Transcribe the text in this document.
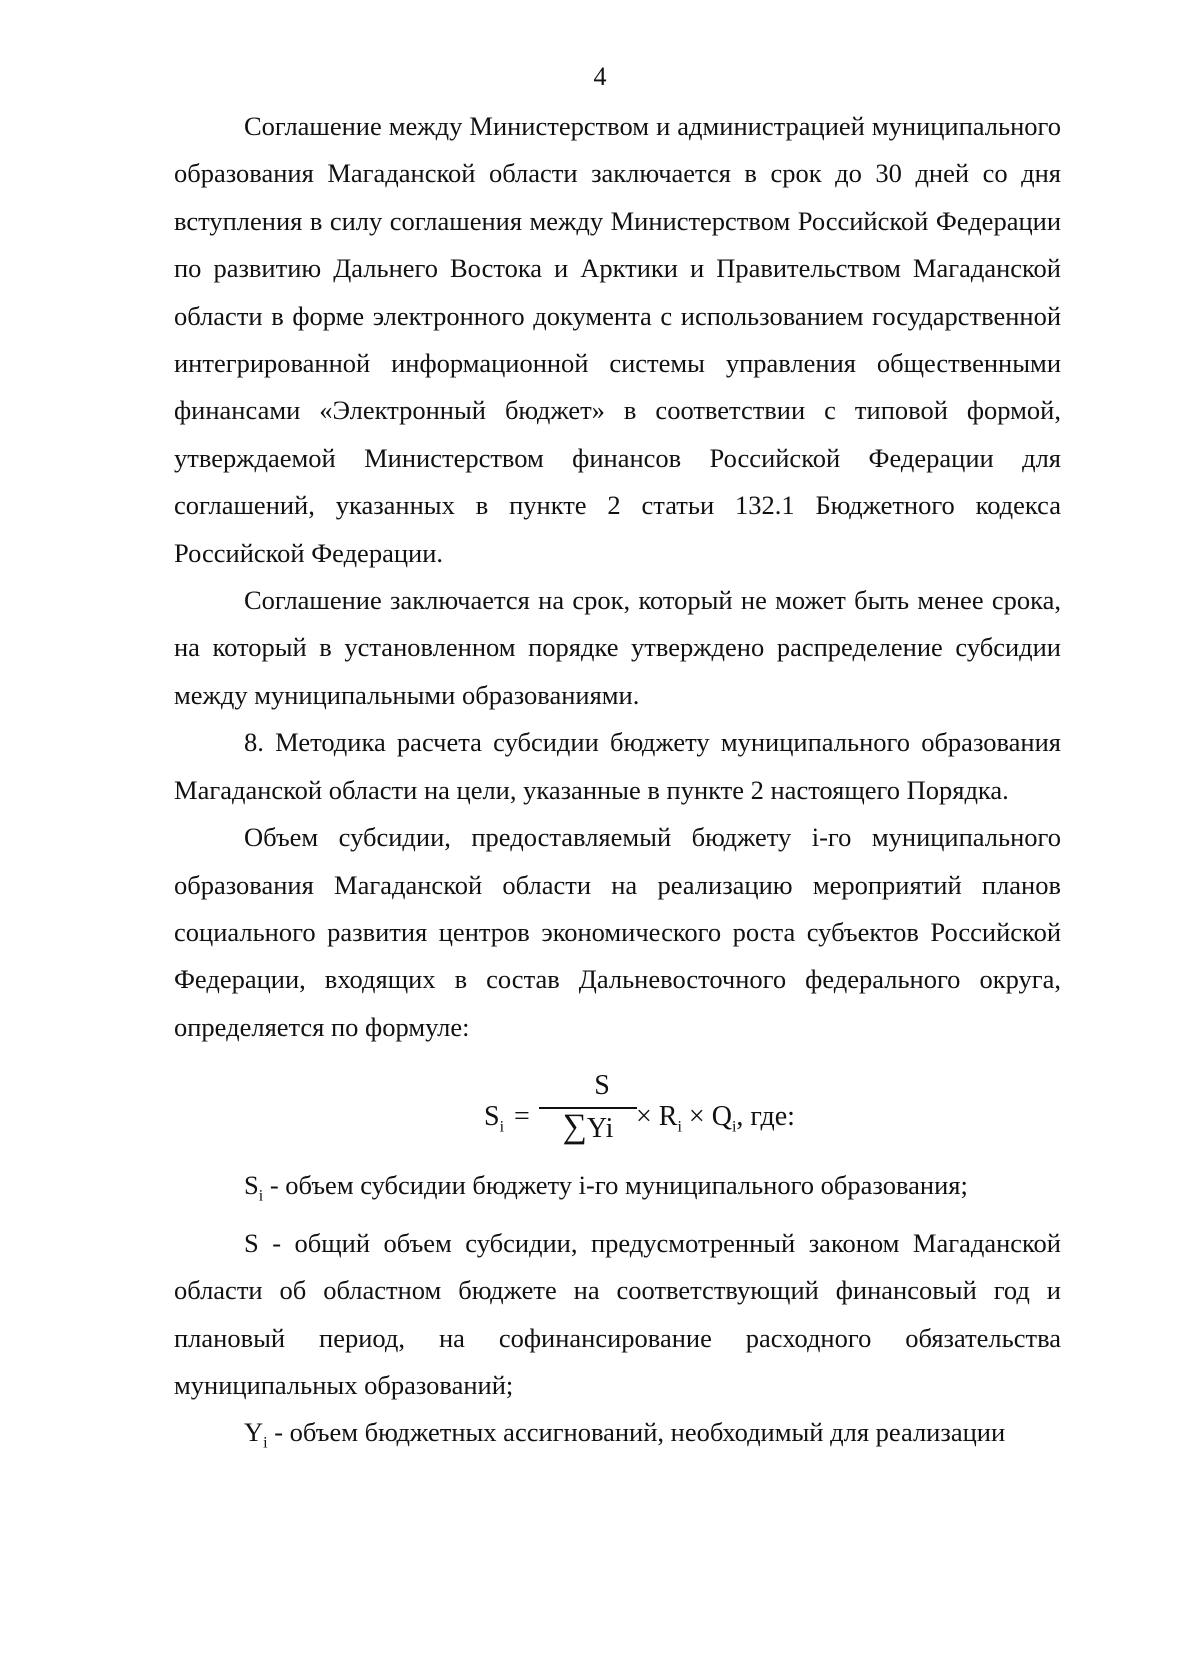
4

Соглашение между Министерством и администрацией муниципального образования Магаданской области заключается в срок до 30 дней со дня вступления в силу соглашения между Министерством Российской Федерации по развитию Дальнего Востока и Арктики и Правительством Магаданской области в форме электронного документа с использованием государственной интегрированной информационной системы управления общественными финансами «Электронный бюджет» в соответствии с типовой формой, утверждаемой Министерством финансов Российской Федерации для соглашений, указанных в пункте 2 статьи 132.1 Бюджетного кодекса Российской Федерации.

Соглашение заключается на срок, который не может быть менее срока, на который в установленном порядке утверждено распределение субсидии между муниципальными образованиями.

8. Методика расчета субсидии бюджету муниципального образования Магаданской области на цели, указанные в пункте 2 настоящего Порядка.

Объем субсидии, предоставляемый бюджету i-го муниципального образования Магаданской области на реализацию мероприятий планов социального развития центров экономического роста субъектов Российской Федерации, входящих в состав Дальневосточного федерального округа, определяется по формуле:

$S_i$ =
S
$\sum Yi \times R_i \times Q_i$, где:

$S_i$ - объем субсидии бюджету i-го муниципального образования;

S - общий объем субсидии, предусмотренный законом Магаданской области об областном бюджете на соответствующий финансовый год и плановый период, на софинансирование расходного обязательства муниципальных образований;

$Y_i$ - объем бюджетных ассигнований, необходимый для реализации
